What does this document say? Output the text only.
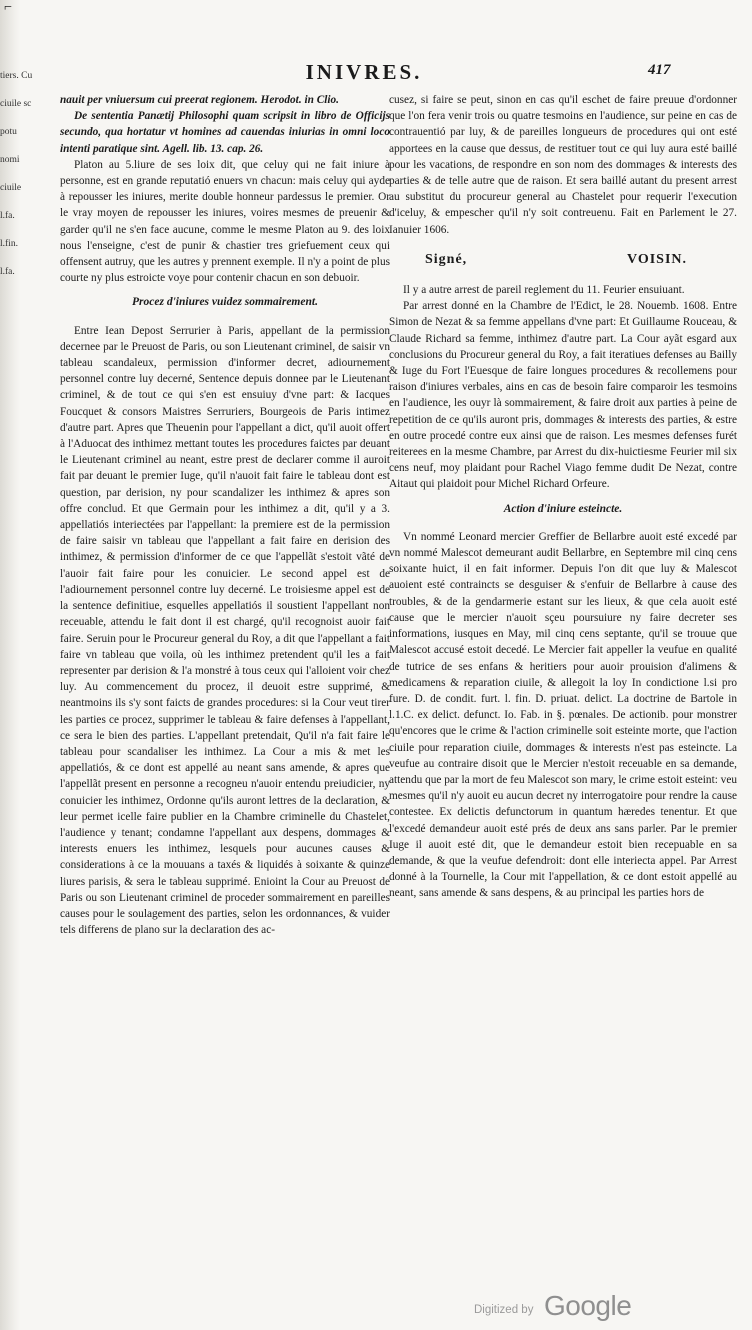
⌐
tiers. Cu
ciuile sc
potu
nomi
ciuile
l.fa.
l.fin.
l.fa.
INIVRES.	417

nauit per vniuersum cui preerat regionem. Herodot. in Clio.

De sententia Panætij Philosophi quam scripsit in libro de Officijs secundo, qua hortatur vt homines ad cauendas iniurias in omni loco intenti paratique sint. Agell. lib. 13. cap. 26.

Platon au 5.liure de ses loix dit, que celuy qui ne fait iniure à personne, est en grande reputatió enuers vn chacun: mais celuy qui ayde à repousser les iniures, merite double honneur pardessus le premier. Or le vray moyen de repousser les iniures, voires mesmes de preuenir & garder qu'il ne s'en face aucune, comme le mesme Platon au 9. des loix nous l'enseigne, c'est de punir & chastier tres griefuement ceux qui offensent autruy, que les autres y prennent exemple. Il n'y a point de plus courte ny plus estroicte voye pour contenir chacun en son debuoir.

Procez d'iniures vuidez sommairement.

Entre Iean Depost Serrurier à Paris, appellant de la permission decernee par le Preuost de Paris, ou son Lieutenant criminel, de saisir vn tableau scandaleux, permission d'informer decret, adiournement personnel contre luy decerné, Sentence depuis donnee par le Lieutenant criminel, & de tout ce qui s'en est ensuiuy d'vne part: & Iacques Foucquet & consors Maistres Serruriers, Bourgeois de Paris intimez d'autre part. Apres que Theuenin pour l'appellant a dict, qu'il auoit offert à l'Aduocat des inthimez mettant toutes les procedures faictes par deuant le Lieutenant criminel au neant, estre prest de declarer comme il auroit fait par deuant le premier Iuge, qu'il n'auoit fait faire le tableau dont est question, par derision, ny pour scandalizer les inthimez & apres son offre conclud. Et que Germain pour les inthimez a dit, qu'il y a 3. appellatiós interiectées par l'appellant: la premiere est de la permission de faire saisir vn tableau que l'appellant a fait faire en derision des inthimez, & permission d'informer de ce que l'appellãt s'estoit vãté de l'auoir fait faire pour les conuicier. Le second appel est de l'adiournement personnel contre luy decerné. Le troisiesme appel est de la sentence definitiue, esquelles appellatiós il soustient l'appellant non receuable, attendu le fait dont il est chargé, qu'il recognoist auoir fait faire. Seruin pour le Procureur general du Roy, a dit que l'appellant a fait faire vn tableau que voila, où les inthimez pretendent qu'il les a fait representer par derision & l'a monstré à tous ceux qui l'alloient voir chez luy. Au commencement du procez, il deuoit estre supprimé, & neantmoins ils s'y sont faicts de grandes procedures: si la Cour veut tirer les parties ce procez, supprimer le tableau & faire defenses à l'appellant, ce sera le bien des parties. L'appellant pretendait, Qu'il n'a fait faire le tableau pour scandaliser les inthimez. La Cour a mis & met les appellatiós, & ce dont est appellé au neant sans amende, & apres que l'appellãt present en personne a recogneu n'auoir entendu preiudicier, ny conuicier les inthimez, Ordonne qu'ils auront lettres de la declaration, & leur permet icelle faire publier en la Chambre criminelle du Chastelet, l'audience y tenant; condamne l'appellant aux despens, dommages & interests enuers les inthimez, lesquels pour aucunes causes & considerations à ce la mouuans a taxés & liquidés à soixante & quinze liures parisis, & sera le tableau supprimé. Enioint la Cour au Preuost de Paris ou son Lieutenant criminel de proceder sommairement en pareilles causes pour le soulagement des parties, selon les ordonnances, & vuider tels differens de plano sur la declaration des ac-

cusez, si faire se peut, sinon en cas qu'il eschet de faire preuue d'ordonner que l'on fera venir trois ou quatre tesmoins en l'audience, sur peine en cas de contrauentió par luy, & de pareilles longueurs de procedures qui ont esté apportees en la cause que dessus, de restituer tout ce qui luy aura esté baillé pour les vacations, de respondre en son nom des dommages & interests des parties & de telle autre que de raison. Et sera baillé autant du present arrest au substitut du procureur general au Chastelet pour requerir l'execution d'iceluy, & empescher qu'il n'y soit contreuenu. Fait en Parlement le 27. Ianuier 1606.

Signé,	VOISIN.

Il y a autre arrest de pareil reglement du 11. Feurier ensuiuant.

Par arrest donné en la Chambre de l'Edict, le 28. Nouemb. 1608. Entre Simon de Nezat & sa femme appellans d'vne part: Et Guillaume Rouceau, & Claude Richard sa femme, inthimez d'autre part. La Cour ayãt esgard aux conclusions du Procureur general du Roy, a fait iteratiues defenses au Bailly & Iuge du Fort l'Euesque de faire longues procedures & recollemens pour raison d'iniures verbales, ains en cas de besoin faire comparoir les tesmoins en l'audience, les ouyr là sommairement, & faire droit aux parties à peine de repetition de ce qu'ils auront pris, dommages & interests des parties, & estre en outre procedé contre eux ainsi que de raison. Les mesmes defenses furét reiterees en la mesme Chambre, par Arrest du dix-huictiesme Feurier mil six cens neuf, moy plaidant pour Rachel Viago femme dudit De Nezat, contre Aitaut qui plaidoit pour Michel Richard Orfeure.

Action d'iniure esteincte.

Vn nommé Leonard mercier Greffier de Bellarbre auoit esté excedé par vn nommé Malescot demeurant audit Bellarbre, en Septembre mil cinq cens soixante huict, il en fait informer. Depuis l'on dit que luy & Malescot auoient esté contraincts se desguiser & s'enfuir de Bellarbre à cause des troubles, & de la gendarmerie estant sur les lieux, & que cela auoit esté cause que le mercier n'auoit sçeu poursuiure ny faire decreter ses informations, iusques en May, mil cinq cens septante, qu'il se trouue que Malescot accusé estoit decedé. Le Mercier fait appeller la veufue en qualité de tutrice de ses enfans & heritiers pour auoir prouision d'alimens & medicamens & reparation ciuile, & allegoit la loy In condictione l.si pro fure. D. de condit. furt. l. fin. D. priuat. delict. La doctrine de Bartole in l.1.C. ex delict. defunct. Io. Fab. in §. pœnales. De actionib. pour monstrer qu'encores que le crime & l'action criminelle soit esteinte morte, que l'action ciuile pour reparation ciuile, dommages & interests n'est pas esteincte. La veufue au contraire disoit que le Mercier n'estoit receuable en sa demande, attendu que par la mort de feu Malescot son mary, le crime estoit esteint: veu mesmes qu'il n'y auoit eu aucun decret ny interrogatoire pour rendre la cause contestee. Ex delictis defunctorum in quantum hæredes tenentur. Et que l'excedé demandeur auoit esté prés de deux ans sans parler. Par le premier Iuge il auoit esté dit, que le demandeur estoit bien recepuable en sa demande, & que la veufue defendroit: dont elle interiecta appel. Par Arrest donné à la Tournelle, la Cour mit l'appellation, & ce dont estoit appellé au neant, sans amende & sans despens, & au principal les parties hors de

Digitized by Google
